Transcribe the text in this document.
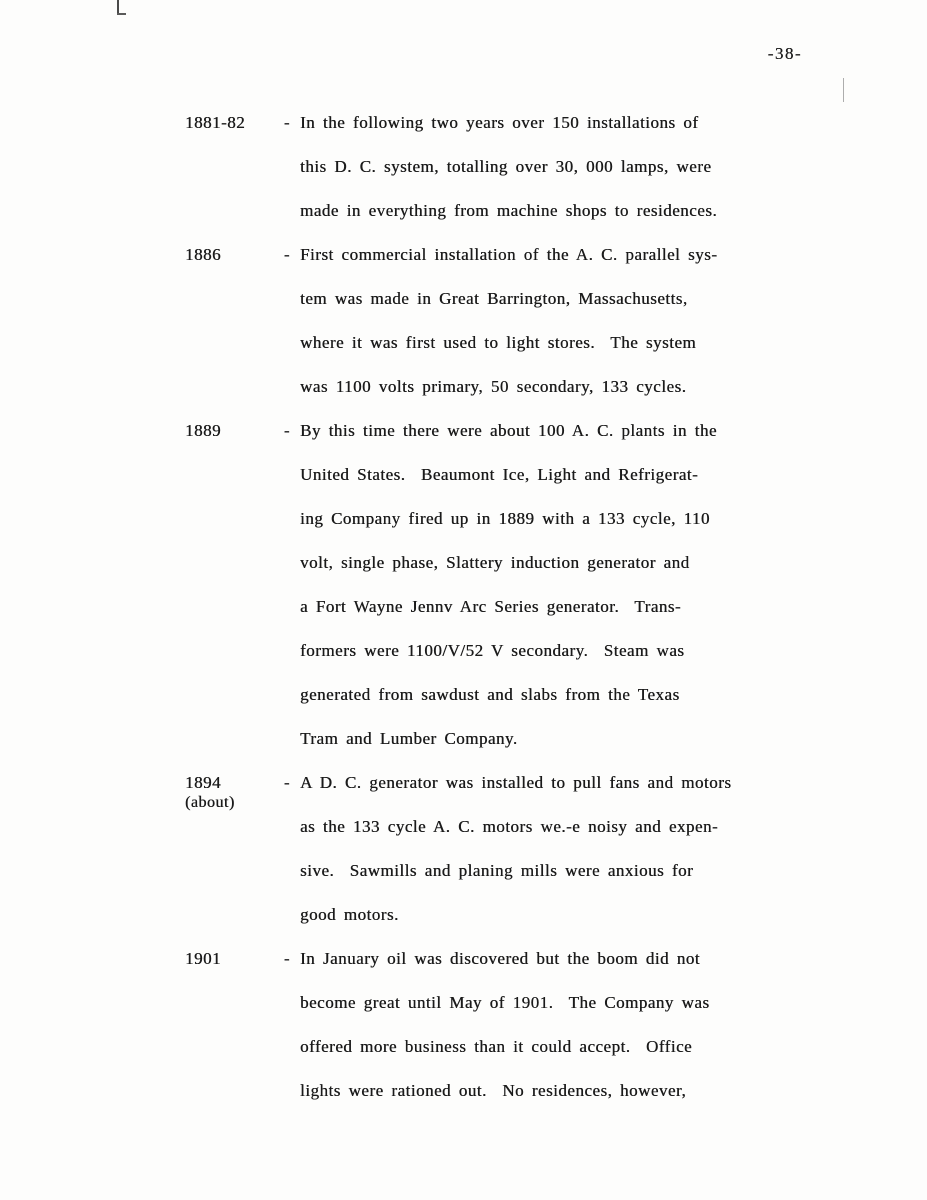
-38-
1881-82 - In the following two years over 150 installations of
this D. C. system, totalling over 30, 000 lamps, were
made in everything from machine shops to residences.
1886	- First commercial installation of the A. C. parallel sys-
tem was made in Great Barrington, Massachusetts,
where it was first used to light stores.  The system
was 1100 volts primary, 50 secondary, 133 cycles.
1889	- By this time there were about 100 A. C. plants in the
United States.  Beaumont Ice, Light and Refrigerat-
ing Company fired up in 1889 with a 133 cycle, 110
volt, single phase, Slattery induction generator and
a Fort Wayne Jennv Arc Series generator.  Trans-
formers were 1100/V/52 V secondary.  Steam was
generated from sawdust and slabs from the Texas
Tram and Lumber Company.
1894
(about)
- A D. C. generator was installed to pull fans and motors
as the 133 cycle A. C. motors we.-e noisy and expen-
sive.  Sawmills and planing mills were anxious for
good motors.
1901	- In January oil was discovered but the boom did not
become great until May of 1901.  The Company was
offered more business than it could accept.  Office
lights were rationed out.  No residences, however,
